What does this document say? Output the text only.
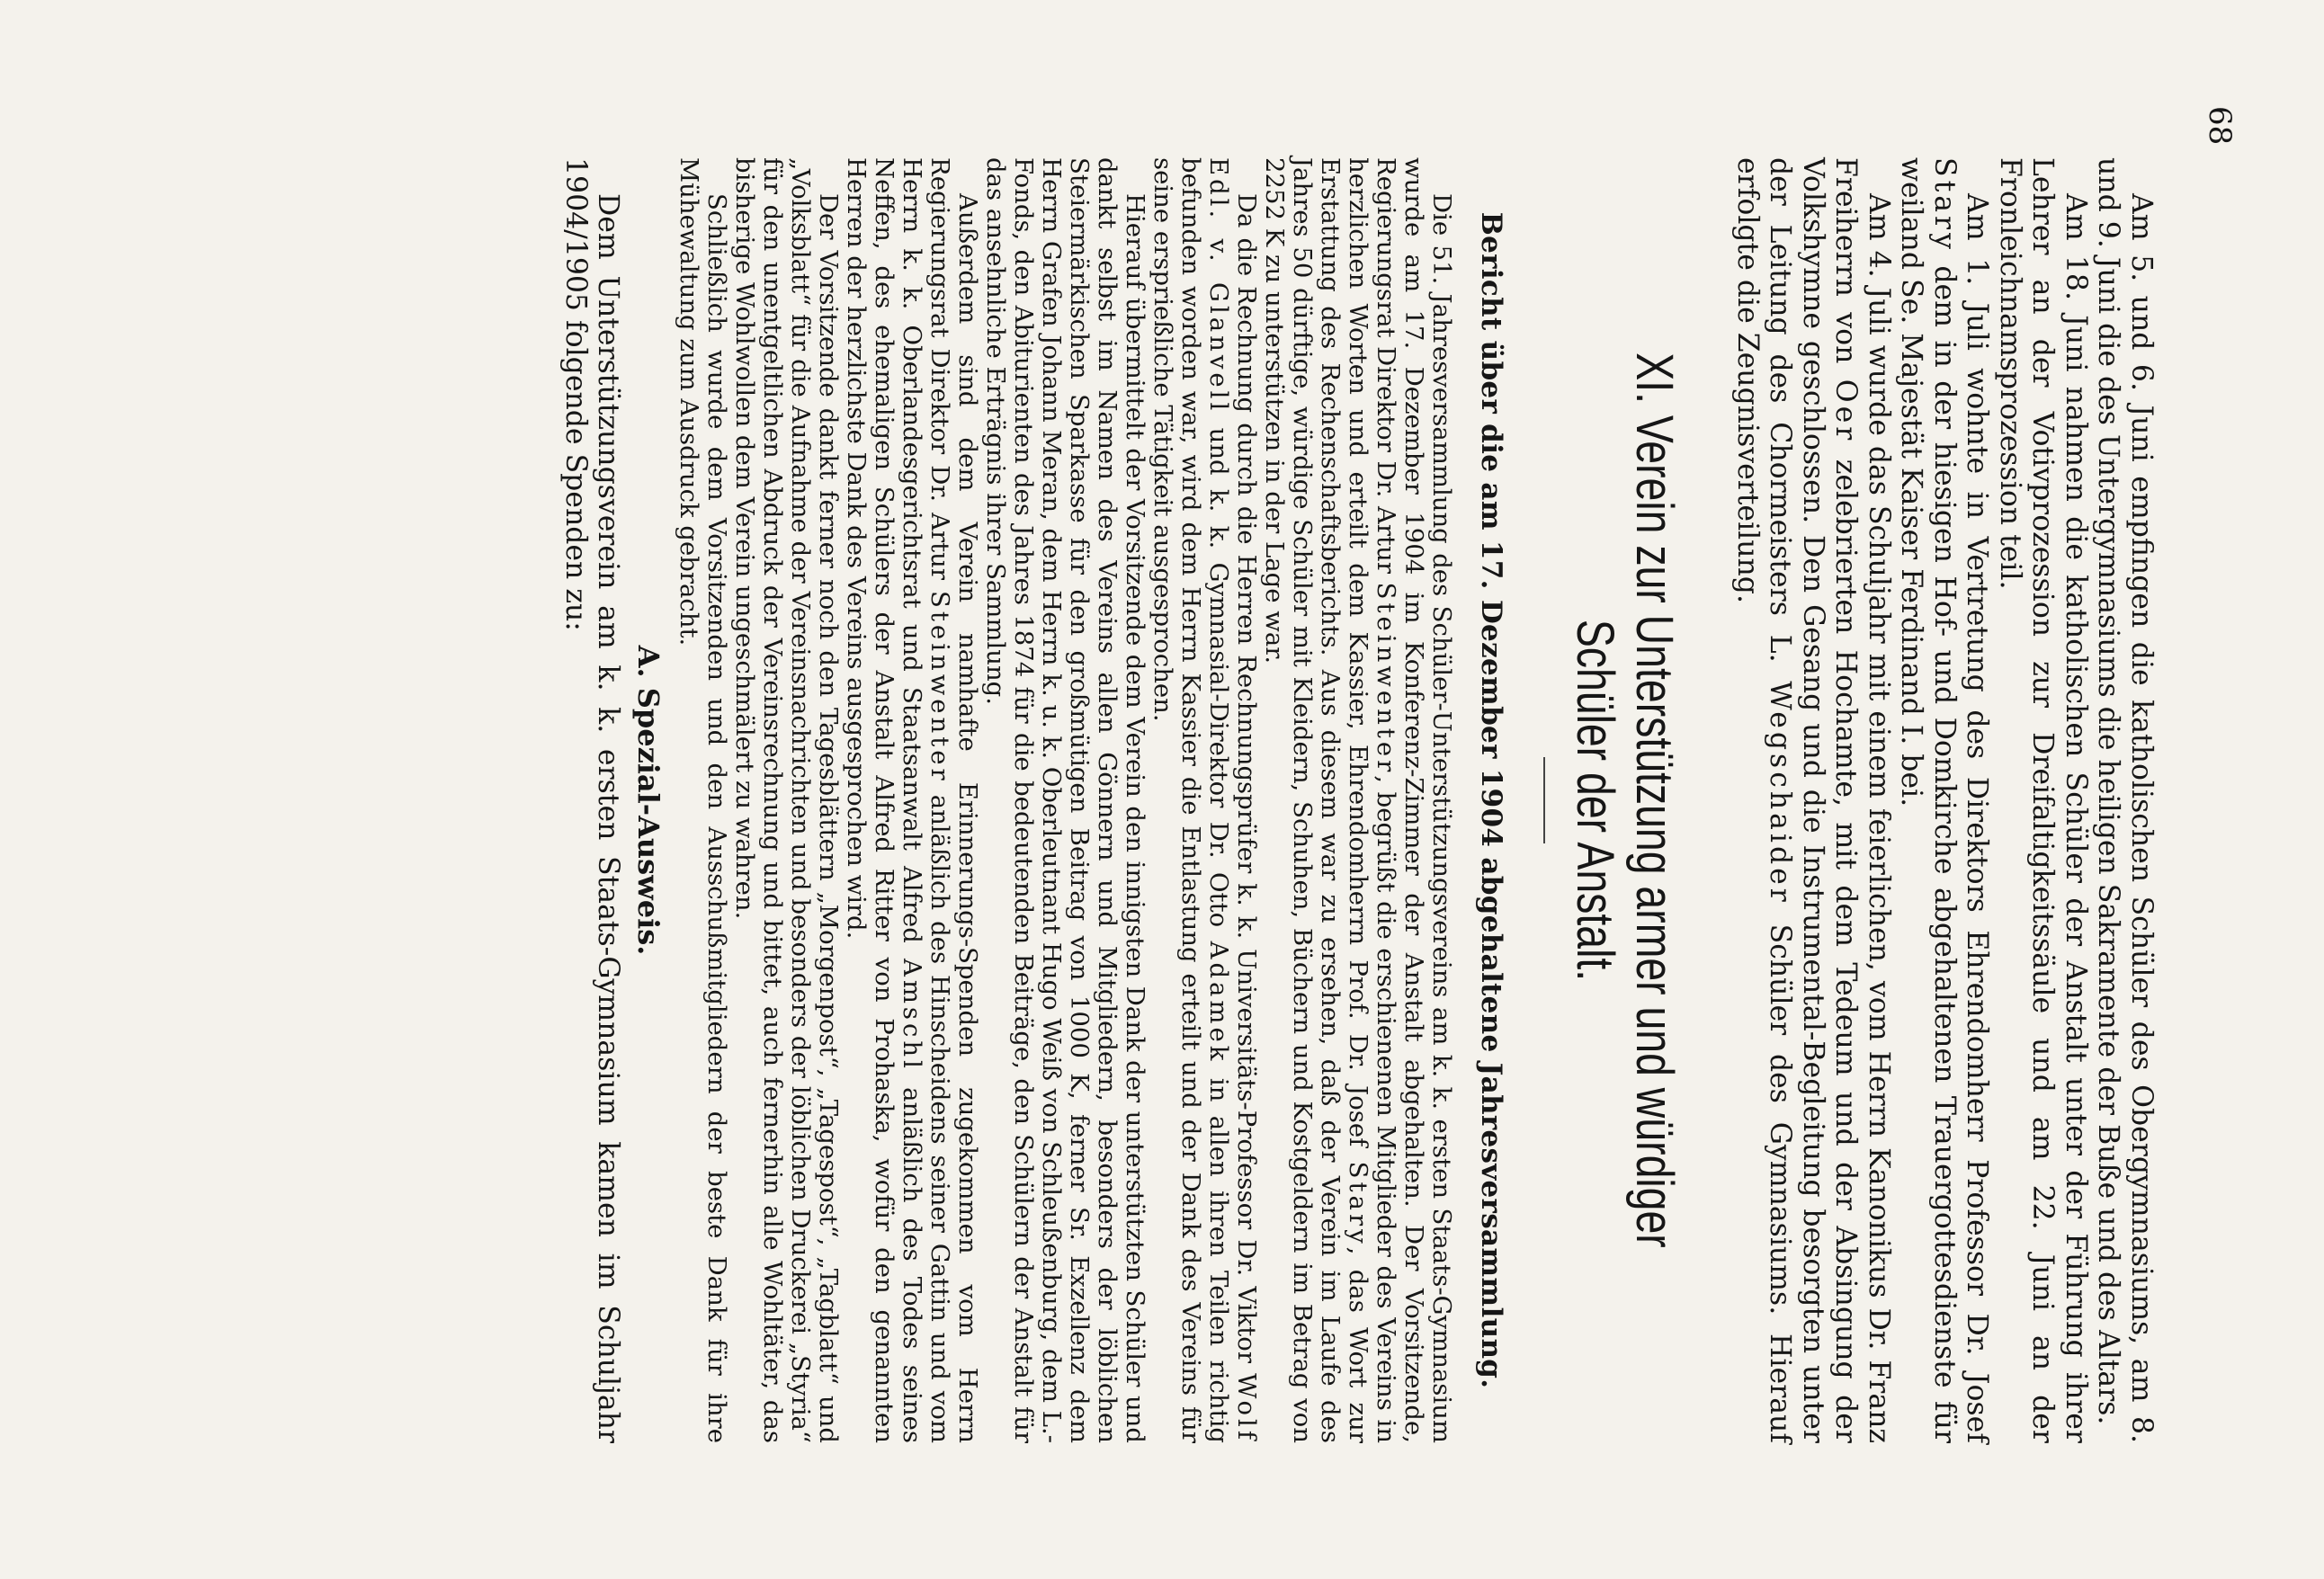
68

Am 5. und 6. Juni empfingen die katholischen Schüler des Obergymnasiums, am 8. und 9. Juni die des Untergymnasiums die heiligen Sakramente der Buße und des Altars.

Am 18. Juni nahmen die katholischen Schüler der Anstalt unter der Führung ihrer Lehrer an der Votivprozession zur Dreifaltigkeitssäule und am 22. Juni an der Fronleichnamsprozession teil.

Am 1. Juli wohnte in Vertretung des Direktors Ehrendomherr Professor Dr. Josef Stary dem in der hiesigen Hof- und Domkirche abgehaltenen Trauergottesdienste für weiland Se. Majestät Kaiser Ferdinand I. bei.

Am 4. Juli wurde das Schuljahr mit einem feierlichen, vom Herrn Kanonikus Dr. Franz Freiherrn von Oer zelebrierten Hochamte, mit dem Tedeum und der Absingung der Volkshymne geschlossen. Den Gesang und die Instrumental-Begleitung besorgten unter der Leitung des Chormeisters L. Wegschaider Schüler des Gymnasiums. Hierauf erfolgte die Zeugnisverteilung.

XI. Verein zur Unterstützung armer und würdiger Schüler der Anstalt.
Bericht über die am 17. Dezember 1904 abgehaltene Jahresversammlung.

Die 51. Jahresversammlung des Schüler-Unterstützungsvereins am k. k. ersten Staats-Gymnasium wurde am 17. Dezember 1904 im Konferenz-Zimmer der Anstalt abgehalten. Der Vorsitzende, Regierungsrat Direktor Dr. Artur Steinwenter, begrüßt die erschienenen Mitglieder des Vereins in herzlichen Worten und erteilt dem Kassier, Ehrendomherrn Prof. Dr. Josef Stary, das Wort zur Erstattung des Rechenschaftsberichts. Aus diesem war zu ersehen, daß der Verein im Laufe des Jahres 50 dürftige, würdige Schüler mit Kleidern, Schuhen, Büchern und Kostgeldern im Betrag von 2252 K zu unterstützen in der Lage war.

Da die Rechnung durch die Herren Rechnungsprüfer k. k. Universitäts-Professor Dr. Viktor Wolf Edl. v. Glanvell und k. k. Gymnasial-Direktor Dr. Otto Adamek in allen ihren Teilen richtig befunden worden war, wird dem Herrn Kassier die Entlastung erteilt und der Dank des Vereins für seine ersprießliche Tätigkeit ausgesprochen.

Hierauf übermittelt der Vorsitzende dem Verein den innigsten Dank der unterstützten Schüler und dankt selbst im Namen des Vereins allen Gönnern und Mitgliedern, besonders der löblichen Steiermärkischen Sparkasse für den großmütigen Beitrag von 1000 K, ferner Sr. Exzellenz dem Herrn Grafen Johann Meran, dem Herrn k. u. k. Oberleutnant Hugo Weiß von Schleußenburg, dem L.-Fonds, den Abiturienten des Jahres 1874 für die bedeutenden Beiträge, den Schülern der Anstalt für das ansehnliche Erträgnis ihrer Sammlung.

Außerdem sind dem Verein namhafte Erinnerungs-Spenden zugekommen vom Herrn Regierungsrat Direktor Dr. Artur Steinwenter anläßlich des Hinscheidens seiner Gattin und vom Herrn k. k. Oberlandesgerichtsrat und Staatsanwalt Alfred Amschl anläßlich des Todes seines Neffen, des ehemaligen Schülers der Anstalt Alfred Ritter von Prohaska, wofür den genannten Herren der herzlichste Dank des Vereins ausgesprochen wird.

Der Vorsitzende dankt ferner noch den Tagesblättern „Morgenpost“, „Tagespost“, „Tagblatt“ und „Volksblatt“ für die Aufnahme der Vereinsnachrichten und besonders der löblichen Druckerei „Styria“ für den unentgeltlichen Abdruck der Vereinsrechnung und bittet, auch fernerhin alle Wohltäter, das bisherige Wohlwollen dem Verein ungeschmälert zu wahren.

Schließlich wurde dem Vorsitzenden und den Ausschußmitgliedern der beste Dank für ihre Mühewaltung zum Ausdruck gebracht.

A. Spezial-Ausweis.

Dem Unterstützungsverein am k. k. ersten Staats-Gymnasium kamen im Schuljahr 1904/1905 folgende Spenden zu:
